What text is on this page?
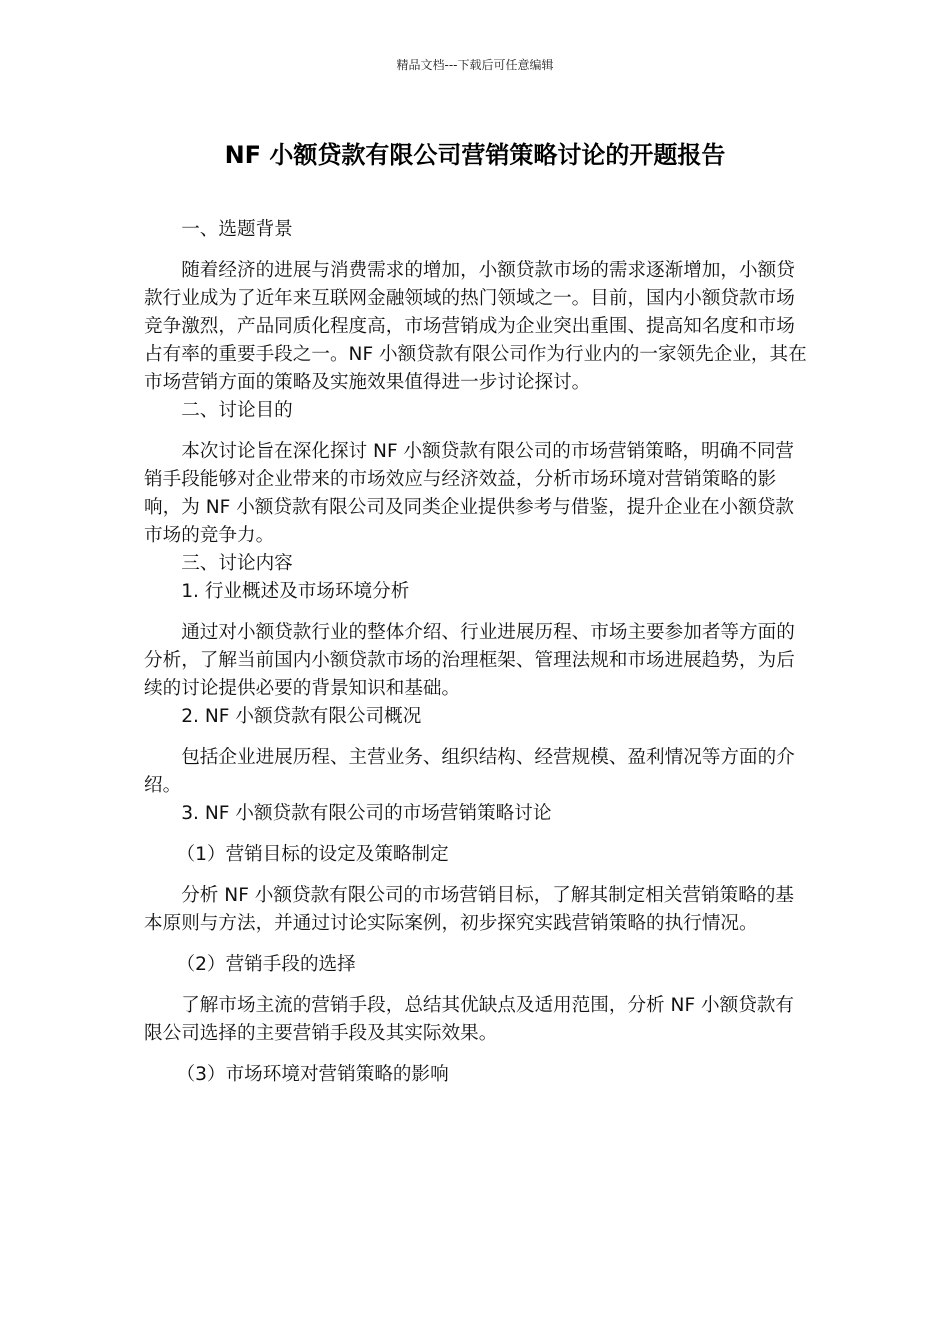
精品文档---下载后可任意编辑
NF 小额贷款有限公司营销策略讨论的开题报告

一、选题背景

随着经济的进展与消费需求的增加，小额贷款市场的需求逐渐增加，小额贷款行业成为了近年来互联网金融领域的热门领域之一。目前，国内小额贷款市场竞争激烈，产品同质化程度高，市场营销成为企业突出重围、提高知名度和市场占有率的重要手段之一。NF 小额贷款有限公司作为行业内的一家领先企业，其在市场营销方面的策略及实施效果值得进一步讨论探讨。

二、讨论目的

本次讨论旨在深化探讨 NF 小额贷款有限公司的市场营销策略，明确不同营销手段能够对企业带来的市场效应与经济效益，分析市场环境对营销策略的影响，为 NF 小额贷款有限公司及同类企业提供参考与借鉴，提升企业在小额贷款市场的竞争力。

三、讨论内容

1. 行业概述及市场环境分析

通过对小额贷款行业的整体介绍、行业进展历程、市场主要参加者等方面的分析，了解当前国内小额贷款市场的治理框架、管理法规和市场进展趋势，为后续的讨论提供必要的背景知识和基础。

2. NF 小额贷款有限公司概况

包括企业进展历程、主营业务、组织结构、经营规模、盈利情况等方面的介绍。

3. NF 小额贷款有限公司的市场营销策略讨论

（1）营销目标的设定及策略制定

分析 NF 小额贷款有限公司的市场营销目标，了解其制定相关营销策略的基本原则与方法，并通过讨论实际案例，初步探究实践营销策略的执行情况。

（2）营销手段的选择

了解市场主流的营销手段，总结其优缺点及适用范围，分析 NF 小额贷款有限公司选择的主要营销手段及其实际效果。

（3）市场环境对营销策略的影响
